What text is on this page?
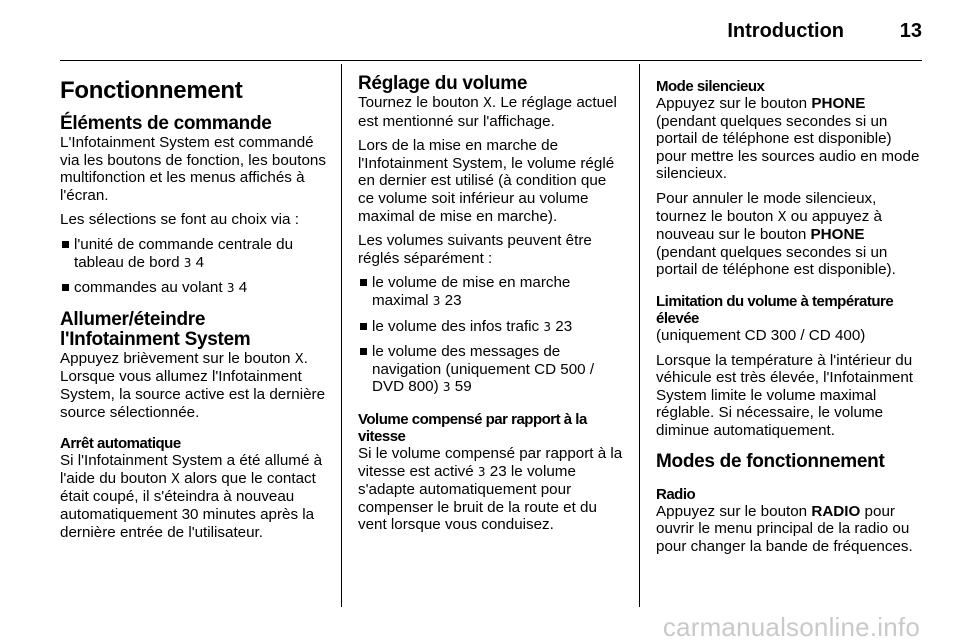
Introduction	13
Fonctionnement
Éléments de commande

L'Infotainment System est commandé via les boutons de fonction, les boutons multifonction et les menus affichés à l'écran.

Les sélections se font au choix via :

l'unité de commande centrale du tableau de bord 3 4
commandes au volant 3 4
Allumer/éteindre l'Infotainment System

Appuyez brièvement sur le bouton X. Lorsque vous allumez l'Infotainment System, la source active est la dernière source sélectionnée.

Arrêt automatique

Si l'Infotainment System a été allumé à l'aide du bouton X alors que le contact était coupé, il s'éteindra à nouveau automatiquement 30 minutes après la dernière entrée de l'utilisateur.

Réglage du volume

Tournez le bouton X. Le réglage actuel est mentionné sur l'affichage.

Lors de la mise en marche de l'Infotainment System, le volume réglé en dernier est utilisé (à condition que ce volume soit inférieur au volume maximal de mise en marche).

Les volumes suivants peuvent être réglés séparément :

le volume de mise en marche maximal 3 23
le volume des infos trafic 3 23
le volume des messages de navigation (uniquement CD 500 / DVD 800) 3 59
Volume compensé par rapport à la vitesse

Si le volume compensé par rapport à la vitesse est activé 3 23 le volume s'adapte automatiquement pour compenser le bruit de la route et du vent lorsque vous conduisez.

Mode silencieux

Appuyez sur le bouton PHONE (pendant quelques secondes si un portail de téléphone est disponible) pour mettre les sources audio en mode silencieux.

Pour annuler le mode silencieux, tournez le bouton X ou appuyez à nouveau sur le bouton PHONE (pendant quelques secondes si un portail de téléphone est disponible).

Limitation du volume à température élevée

(uniquement CD 300 / CD 400)

Lorsque la température à l'intérieur du véhicule est très élevée, l'Infotainment System limite le volume maximal réglable. Si nécessaire, le volume diminue automatiquement.

Modes de fonctionnement
Radio

Appuyez sur le bouton RADIO pour ouvrir le menu principal de la radio ou pour changer la bande de fréquences.

carmanualsonline.info
